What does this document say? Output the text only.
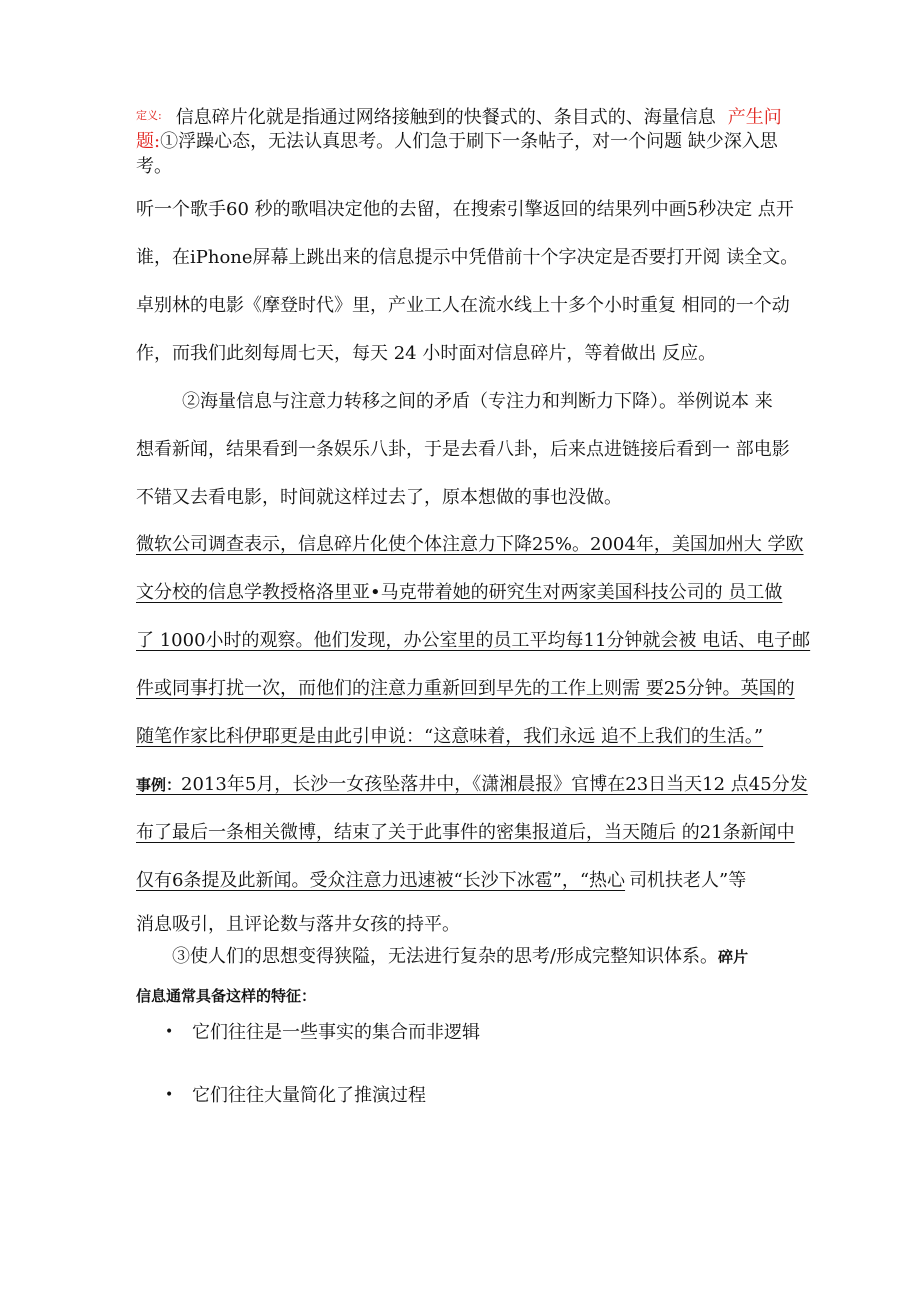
$^{定义:}$ 信息碎片化就是指通过网络接触到的快餐式的、条目式的、海量信息 产生问
题:①浮躁心态，无法认真思考。人们急于刷下一条帖子，对一个问题 缺少深入思
考。
听一个歌手60 秒的歌唱决定他的去留，在搜索引擎返回的结果列中画5秒决定 点开
谁，在iPhone屏幕上跳出来的信息提示中凭借前十个字决定是否要打开阅 读全文。
卓别林的电影《摩登时代》里，产业工人在流水线上十多个小时重复 相同的一个动
作，而我们此刻每周七天，每天 24 小时面对信息碎片，等着做出 反应。
②海量信息与注意力转移之间的矛盾（专注力和判断力下降）。举例说本 来
想看新闻，结果看到一条娱乐八卦，于是去看八卦，后来点进链接后看到一 部电影
不错又去看电影，时间就这样过去了，原本想做的事也没做。
微软公司调查表示，信息碎片化使个体注意力下降25%。2004年，美国加州大 学欧
文分校的信息学教授格洛里亚•马克带着她的研究生对两家美国科技公司的 员工做
了 1000小时的观察。他们发现，办公室里的员工平均每11分钟就会被 电话、电子邮
件或同事打扰一次，而他们的注意力重新回到早先的工作上则需 要25分钟。英国的
随笔作家比科伊耶更是由此引申说：“这意味着，我们永远 追不上我们的生活。”
事例：2013年5月，长沙一女孩坠落井中，《潇湘晨报》官博在23日当天12 点45分发
布了最后一条相关微博，结束了关于此事件的密集报道后，当天随后 的21条新闻中
仅有6条提及此新闻。受众注意力迅速被“长沙下冰雹”，“热心 司机扶老人”等
消息吸引，且评论数与落井女孩的持平。
③使人们的思想变得狭隘，无法进行复杂的思考/形成完整知识体系。碎片
信息通常具备这样的特征：
• 它们往往是一些事实的集合而非逻辑
• 它们往往大量简化了推演过程
